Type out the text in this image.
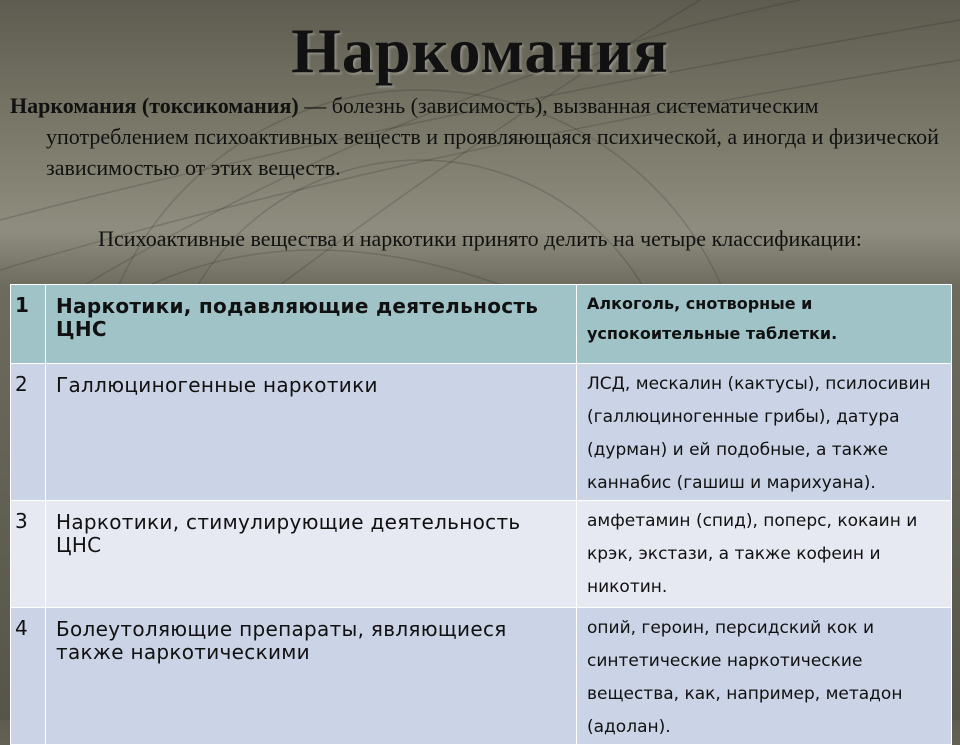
Наркомания
Наркомания (токсикомания) — болезнь (зависимость), вызванная систематическим употреблением психоактивных веществ и проявляющаяся психической, а иногда и физической зависимостью от этих веществ.
Психоактивные вещества и наркотики принято делить на четыре классификации:
1	Наркотики, подавляющие деятельность ЦНС	Алкоголь, снотворные и успокоительные таблетки.
2	Галлюциногенные наркотики	ЛСД, мескалин (кактусы), псилосивин (галлюциногенные грибы), датура (дурман) и ей подобные, а также каннабис (гашиш и марихуана).
3	Наркотики, стимулирующие деятельность ЦНС	амфетамин (спид), поперс, кокаин и крэк, экстази, а также кофеин и никотин.
4	Болеутоляющие препараты, являющиеся также наркотическими	опий, героин, персидский кок и синтетические наркотические вещества, как, например, метадон (адолан).
